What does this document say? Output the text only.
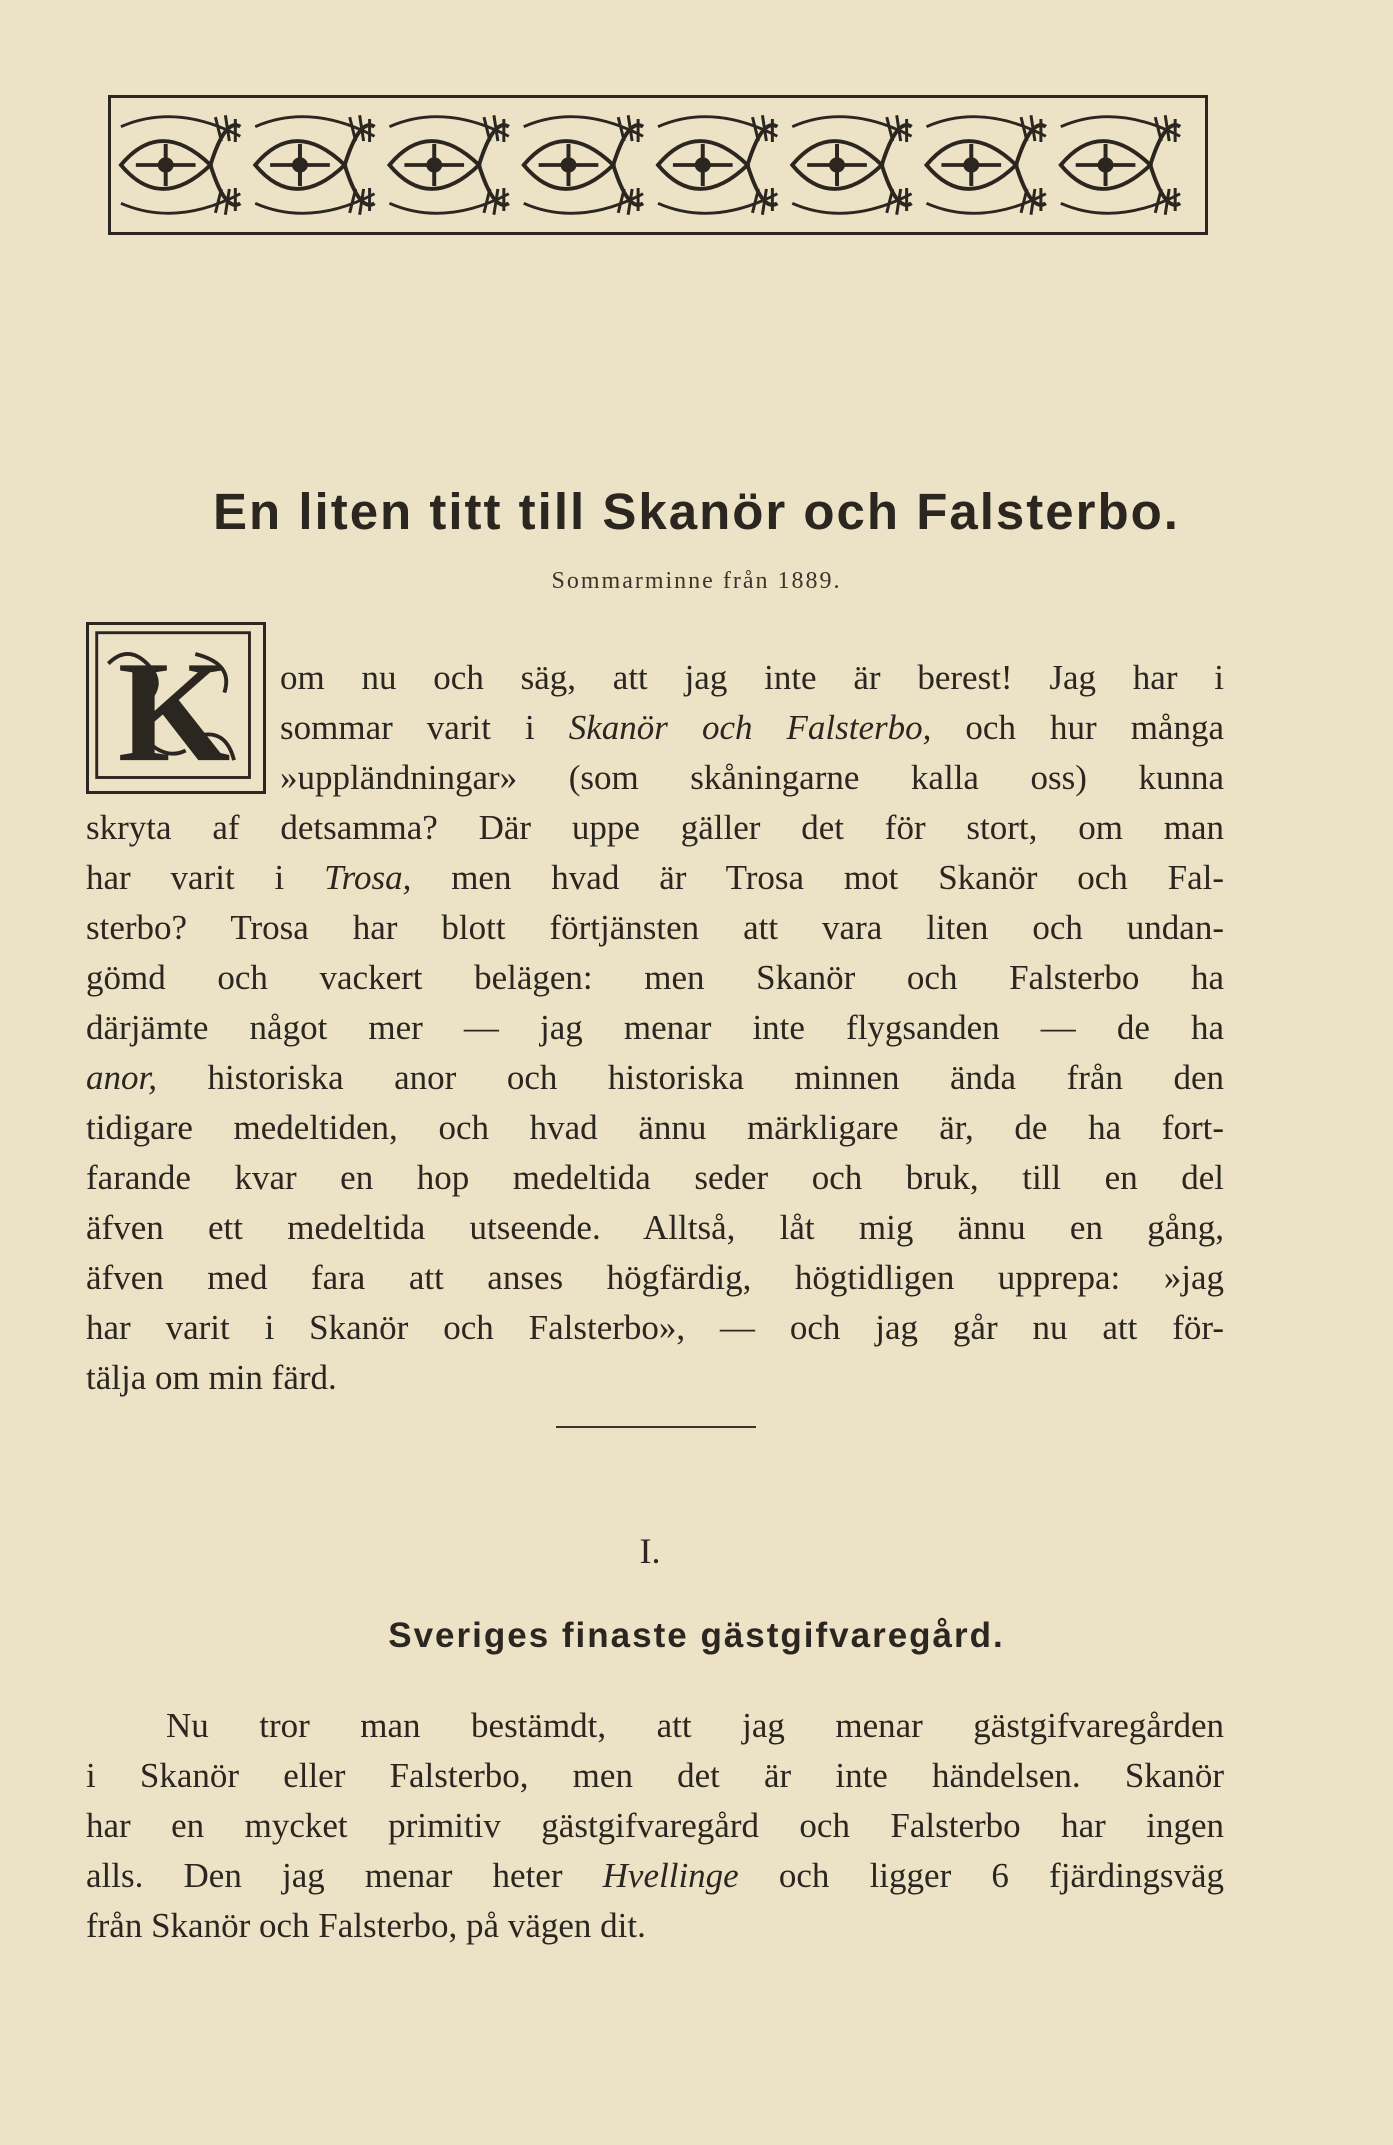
En liten titt till Skanör och Falsterbo.
Sommarminne från 1889.
K om nu och säg, att jag inte är berest! Jag har i
sommar varit i Skanör och Falsterbo, och hur många
»uppländningar» (som skåningarne kalla oss) kunna
skryta af detsamma? Där uppe gäller det för stort, om man
har varit i Trosa, men hvad är Trosa mot Skanör och Fal-
sterbo? Trosa har blott förtjänsten att vara liten och undan-
gömd och vackert belägen: men Skanör och Falsterbo ha
därjämte något mer — jag menar inte flygsanden — de ha
anor, historiska anor och historiska minnen ända från den
tidigare medeltiden, och hvad ännu märkligare är, de ha fort-
farande kvar en hop medeltida seder och bruk, till en del
äfven ett medeltida utseende. Alltså, låt mig ännu en gång,
äfven med fara att anses högfärdig, högtidligen upprepa: »jag
har varit i Skanör och Falsterbo», — och jag går nu att för-
tälja om min färd.
I.
Sveriges finaste gästgifvaregård.
Nu tror man bestämdt, att jag menar gästgifvaregården
i Skanör eller Falsterbo, men det är inte händelsen. Skanör
har en mycket primitiv gästgifvaregård och Falsterbo har ingen
alls. Den jag menar heter Hvellinge och ligger 6 fjärdingsväg
från Skanör och Falsterbo, på vägen dit.
